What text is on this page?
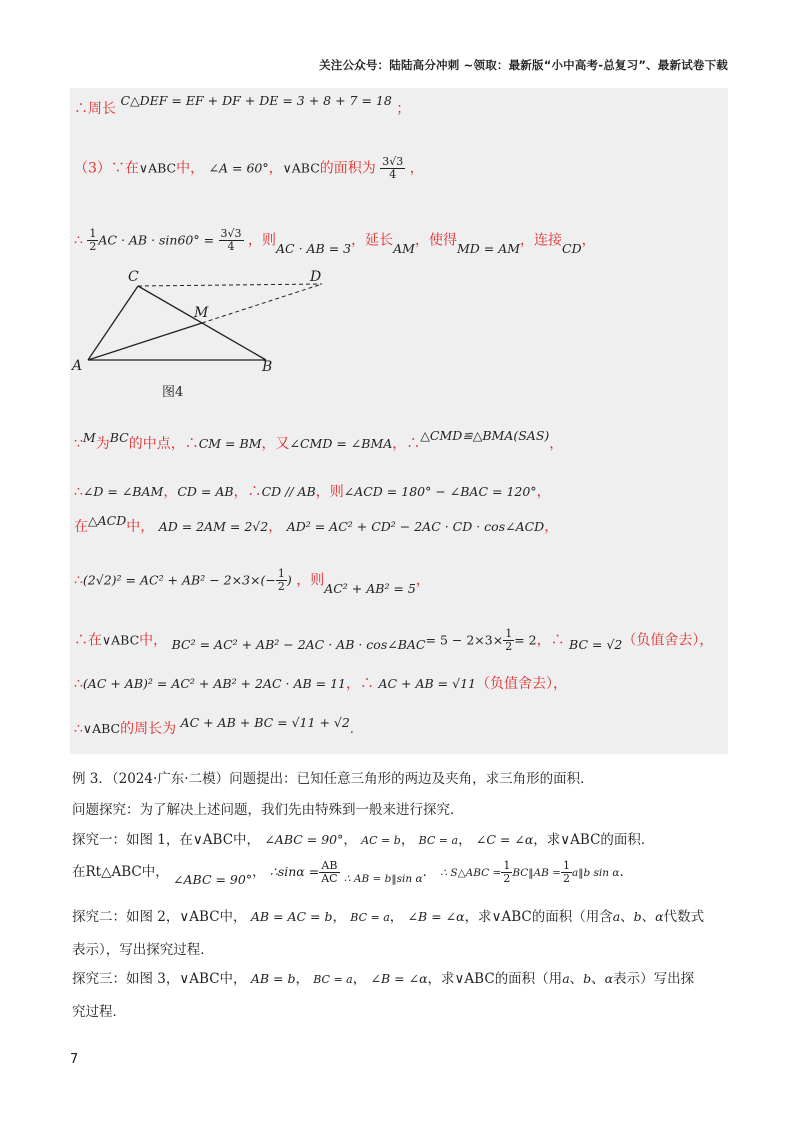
关注公众号：陆陆高分冲刺 ~领取：最新版“小中高考-总复习”、最新试卷下载
∴周长 C△DEF = EF + DF + DE = 3 + 8 + 7 = 18 ；
（3）∵在∨ABC中， ∠A = 60°，∨ABC的面积为 $\frac{3√3}{4}$ ，
∴ $\frac{1}{2}$ AC · AB · $\sin 60^\circ = \frac{3√3}{4}$ ，则AC · AB = 3，延长AM，使得MD = AM，连接CD，
C	D
M
A	B
图4
∵M为BC的中点，∴CM = BM，又∠CMD = ∠BMA，∴△CMD≌△BMA(SAS)，
∴∠D = ∠BAM，CD = AB，∴CD // AB，则∠ACD = 180° − ∠BAC = 120°，
在△ACD中， AD = 2AM = 2√2， AD² = AC² + CD² − 2AC · CD · cos∠ACD，
∴(2√2)² = $AC^2 + AB^2 - 2\times 3\times(- \frac{1}{2}$ ) ，则AC² + AB² = 5，
∴在∨ABC中， BC² = AC² + AB² − 2AC · AB · cos∠BAC= $5 - 2\times 3\times \frac{1}{2} = 2$，∴ BC = √2（负值舍去），
∴(AC + AB)² = AC² + AB² + 2AC · AB = 11，∴ AC + AB = √11（负值舍去），
∴∨ABC的周长为 AC + AB + BC = √11 + √2.
例 3．（2024·广东·二模）问题提出：已知任意三角形的两边及夹角，求三角形的面积．
问题探究：为了解决上述问题，我们先由特殊到一般来进行探究．
探究一：如图 1，在∨ABC中， ∠ABC = 90°， AC = b， BC = a， ∠C = ∠α，求∨ABC的面积．
在Rt△ABC中， ∠ABC = 90°， ∴sinα = $\frac{AB}{AC} _{\therefore AB = b‖sin \alpha}$． ∴ S△ABC = $\frac{1}{2}$ BC‖AB = $\frac{1}{2}$ a‖b sin α．
探究二：如图 2，∨ABC中， AB = AC = b， BC = a， ∠B = ∠α，求∨ABC的面积（用含a、b、α代数式
表示），写出探究过程．
探究三：如图 3，∨ABC中， AB = b， BC = a， ∠B = ∠α，求∨ABC的面积（用a、b、α表示）写出探
究过程．
7
